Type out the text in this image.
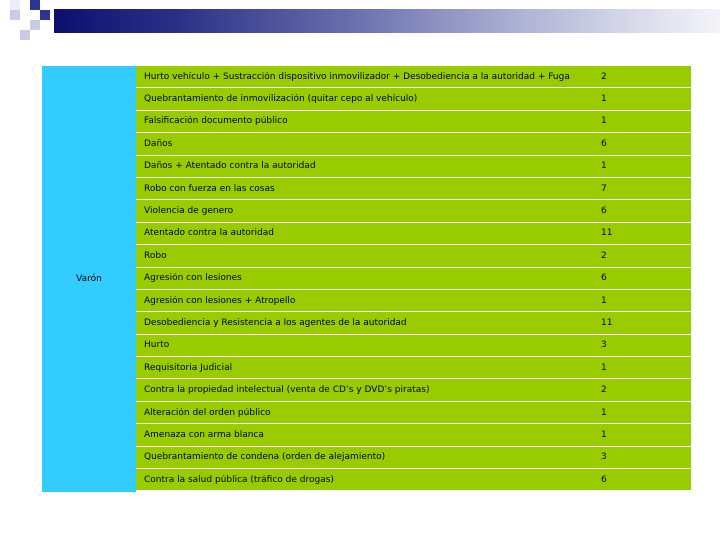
Varón
Hurto vehículo + Sustracción dispositivo inmovilizador + Desobediencia a la autoridad + Fuga	2
Quebrantamiento de inmovilización (quitar cepo al vehículo)	1
Falsificación documento público	1
Daños	6
Daños + Atentado contra la autoridad	1
Robo con fuerza en las cosas	7
Violencia de genero	6
Atentado contra la autoridad	11
Robo	2
Agresión con lesiones	6
Agresión con lesiones + Atropello	1
Desobediencia y Resistencia a los agentes de la autoridad	11
Hurto	3
Requisitoria Judicial	1
Contra la propiedad intelectual (venta de CD’s y DVD’s piratas)	2
Alteración del orden público	1
Amenaza con arma blanca	1
Quebrantamiento de condena (orden de alejamiento)	3
Contra la salud pública (tráfico de drogas)	6
